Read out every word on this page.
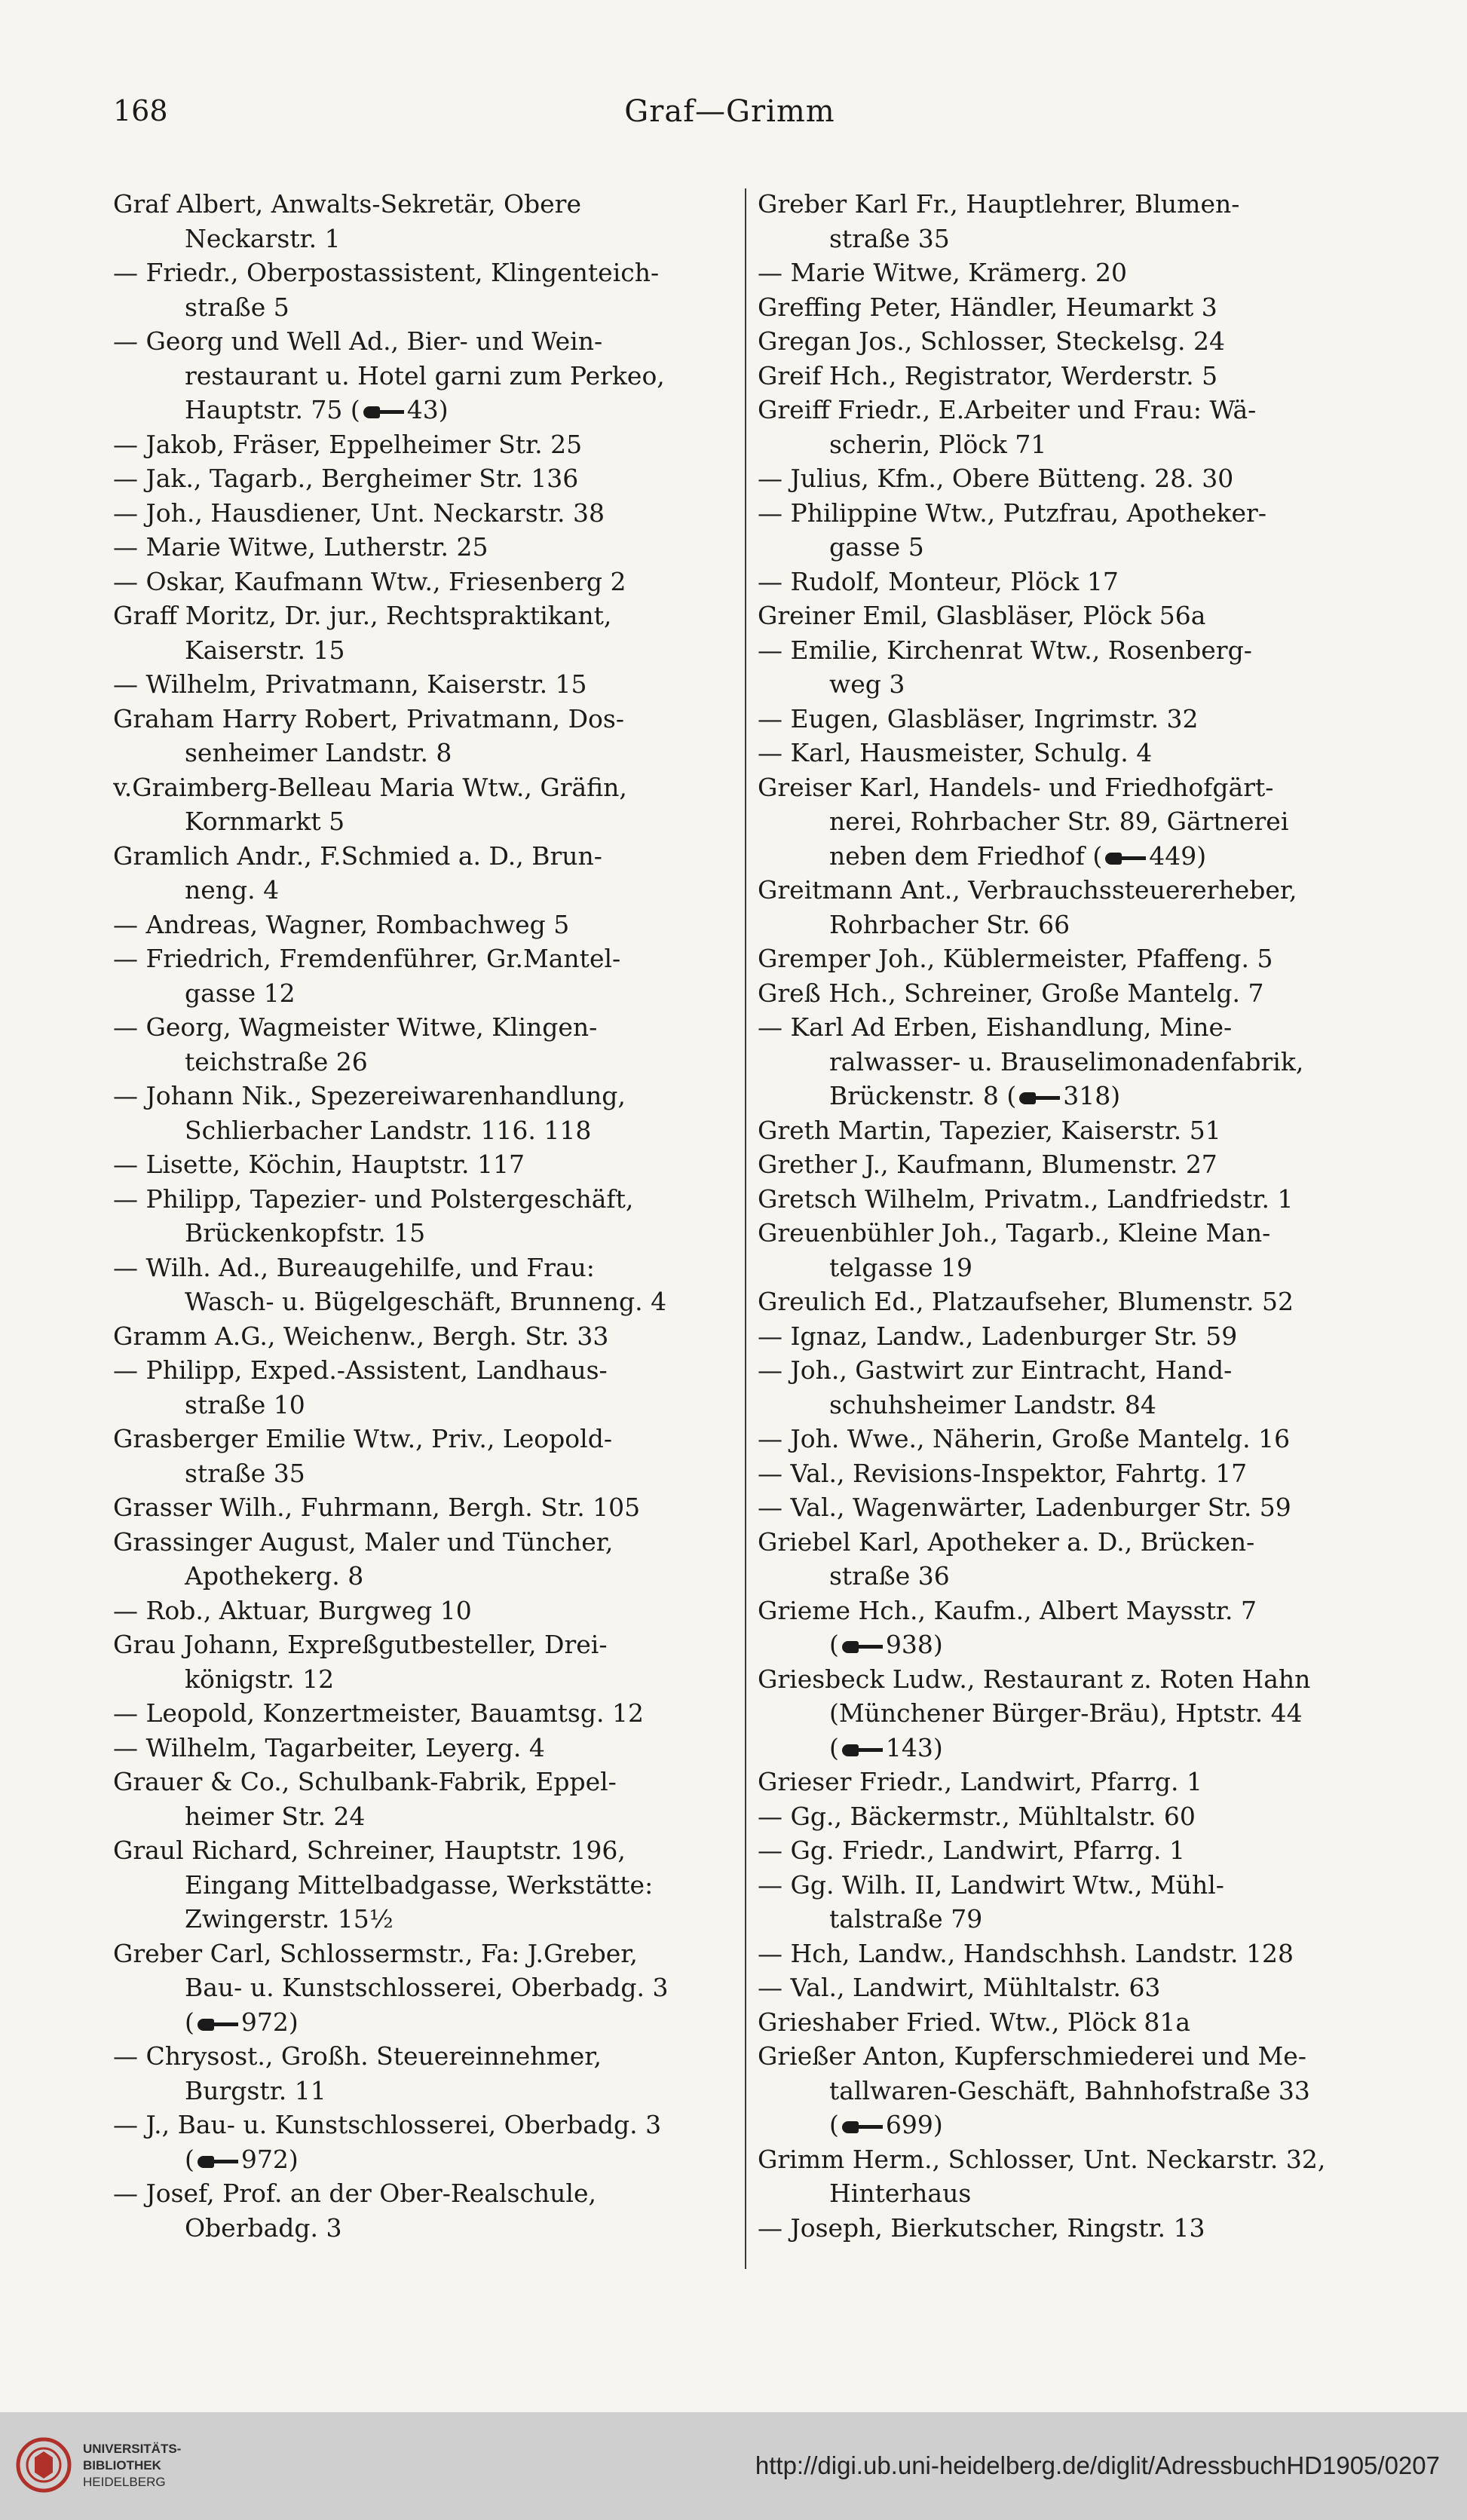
168	Graf—Grimm

Graf Albert, Anwalts-Sekretär, Obere
Neckarstr. 1

— Friedr., Oberpostassistent, Klingenteich-
straße 5

— Georg und Well Ad., Bier- und Wein-
restaurant u. Hotel garni zum Perkeo,
Hauptstr. 75 ( 43)

— Jakob, Fräser, Eppelheimer Str. 25

— Jak., Tagarb., Bergheimer Str. 136

— Joh., Hausdiener, Unt. Neckarstr. 38

— Marie Witwe, Lutherstr. 25

— Oskar, Kaufmann Wtw., Friesenberg 2

Graff Moritz, Dr. jur., Rechtspraktikant,
Kaiserstr. 15

— Wilhelm, Privatmann, Kaiserstr. 15

Graham Harry Robert, Privatmann, Dos-
senheimer Landstr. 8

v.Graimberg-Belleau Maria Wtw., Gräfin,
Kornmarkt 5

Gramlich Andr., F.Schmied a. D., Brun-
neng. 4

— Andreas, Wagner, Rombachweg 5

— Friedrich, Fremdenführer, Gr.Mantel-
gasse 12

— Georg, Wagmeister Witwe, Klingen-
teichstraße 26

— Johann Nik., Spezereiwarenhandlung,
Schlierbacher Landstr. 116. 118

— Lisette, Köchin, Hauptstr. 117

— Philipp, Tapezier- und Polstergeschäft,
Brückenkopfstr. 15

— Wilh. Ad., Bureaugehilfe, und Frau:
Wasch- u. Bügelgeschäft, Brunneng. 4

Gramm A.G., Weichenw., Bergh. Str. 33

— Philipp, Exped.-Assistent, Landhaus-
straße 10

Grasberger Emilie Wtw., Priv., Leopold-
straße 35

Grasser Wilh., Fuhrmann, Bergh. Str. 105

Grassinger August, Maler und Tüncher,
Apothekerg. 8

— Rob., Aktuar, Burgweg 10

Grau Johann, Expreßgutbesteller, Drei-
königstr. 12

— Leopold, Konzertmeister, Bauamtsg. 12

— Wilhelm, Tagarbeiter, Leyerg. 4

Grauer & Co., Schulbank-Fabrik, Eppel-
heimer Str. 24

Graul Richard, Schreiner, Hauptstr. 196,
Eingang Mittelbadgasse, Werkstätte:
Zwingerstr. 15½

Greber Carl, Schlossermstr., Fa: J.Greber,
Bau- u. Kunstschlosserei, Oberbadg. 3
( 972)

— Chrysost., Großh. Steuereinnehmer,
Burgstr. 11

— J., Bau- u. Kunstschlosserei, Oberbadg. 3
( 972)

— Josef, Prof. an der Ober-Realschule,
Oberbadg. 3

Greber Karl Fr., Hauptlehrer, Blumen-
straße 35

— Marie Witwe, Krämerg. 20

Greffing Peter, Händler, Heumarkt 3

Gregan Jos., Schlosser, Steckelsg. 24

Greif Hch., Registrator, Werderstr. 5

Greiff Friedr., E.Arbeiter und Frau: Wä-
scherin, Plöck 71

— Julius, Kfm., Obere Bütteng. 28. 30

— Philippine Wtw., Putzfrau, Apotheker-
gasse 5

— Rudolf, Monteur, Plöck 17

Greiner Emil, Glasbläser, Plöck 56a

— Emilie, Kirchenrat Wtw., Rosenberg-
weg 3

— Eugen, Glasbläser, Ingrimstr. 32

— Karl, Hausmeister, Schulg. 4

Greiser Karl, Handels- und Friedhofgärt-
nerei, Rohrbacher Str. 89, Gärtnerei
neben dem Friedhof ( 449)

Greitmann Ant., Verbrauchssteuererheber,
Rohrbacher Str. 66

Gremper Joh., Küblermeister, Pfaffeng. 5

Greß Hch., Schreiner, Große Mantelg. 7

— Karl Ad Erben, Eishandlung, Mine-
ralwasser- u. Brauselimonadenfabrik,
Brückenstr. 8 ( 318)

Greth Martin, Tapezier, Kaiserstr. 51

Grether J., Kaufmann, Blumenstr. 27

Gretsch Wilhelm, Privatm., Landfriedstr. 1

Greuenbühler Joh., Tagarb., Kleine Man-
telgasse 19

Greulich Ed., Platzaufseher, Blumenstr. 52

— Ignaz, Landw., Ladenburger Str. 59

— Joh., Gastwirt zur Eintracht, Hand-
schuhsheimer Landstr. 84

— Joh. Wwe., Näherin, Große Mantelg. 16

— Val., Revisions-Inspektor, Fahrtg. 17

— Val., Wagenwärter, Ladenburger Str. 59

Griebel Karl, Apotheker a. D., Brücken-
straße 36

Grieme Hch., Kaufm., Albert Maysstr. 7
( 938)

Griesbeck Ludw., Restaurant z. Roten Hahn
(Münchener Bürger-Bräu), Hptstr. 44
( 143)

Grieser Friedr., Landwirt, Pfarrg. 1

— Gg., Bäckermstr., Mühltalstr. 60

— Gg. Friedr., Landwirt, Pfarrg. 1

— Gg. Wilh. II, Landwirt Wtw., Mühl-
talstraße 79

— Hch, Landw., Handschhsh. Landstr. 128

— Val., Landwirt, Mühltalstr. 63

Grieshaber Fried. Wtw., Plöck 81a

Grießer Anton, Kupferschmiederei und Me-
tallwaren-Geschäft, Bahnhofstraße 33
( 699)

Grimm Herm., Schlosser, Unt. Neckarstr. 32,
Hinterhaus

— Joseph, Bierkutscher, Ringstr. 13

UNIVERSITÄTS-
BIBLIOTHEK
HEIDELBERG
http://digi.ub.uni-heidelberg.de/diglit/AdressbuchHD1905/0207
